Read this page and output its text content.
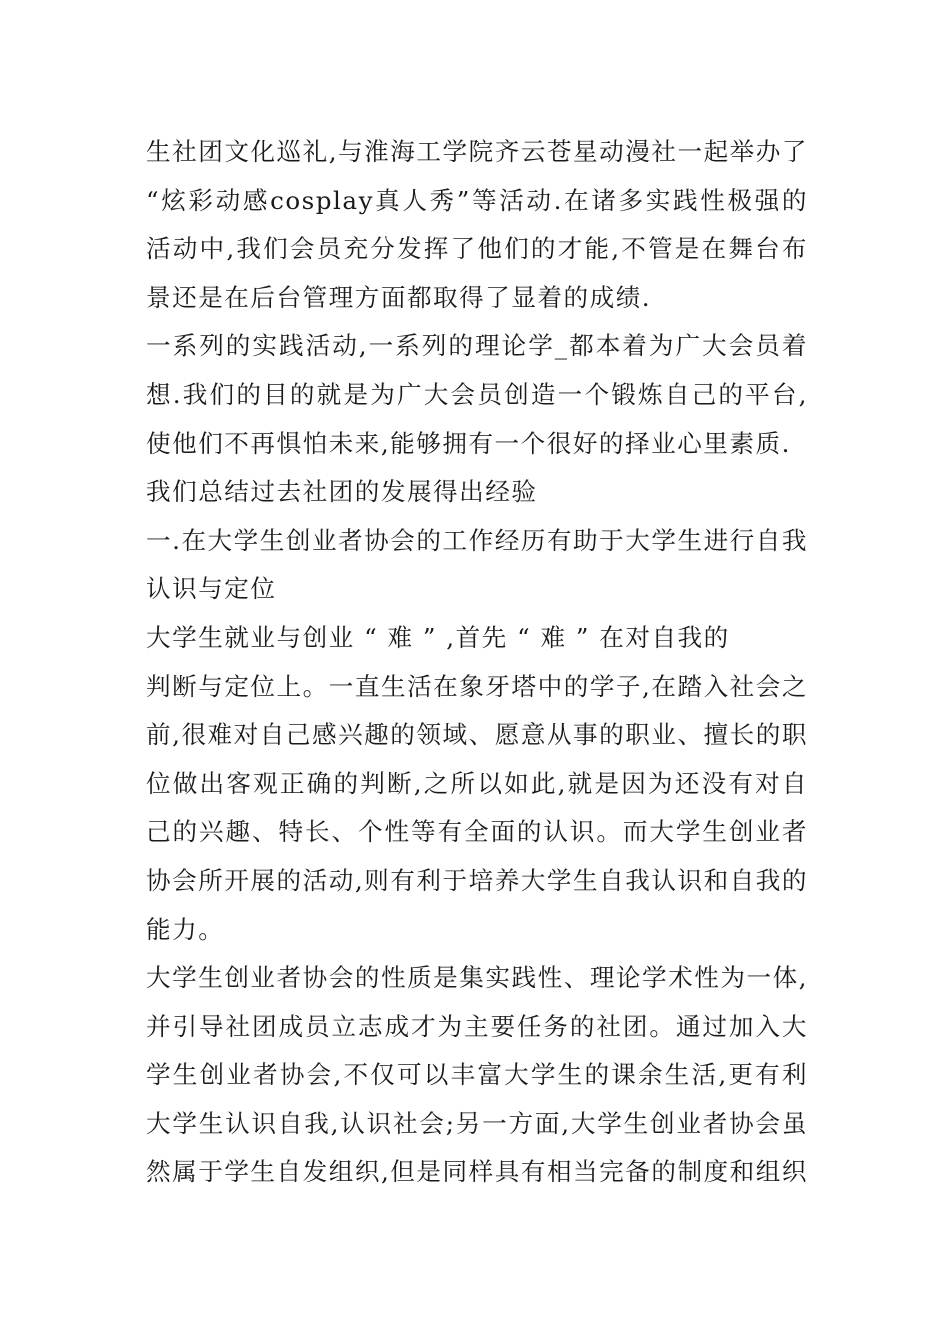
生社团文化巡礼,与淮海工学院齐云苍星动漫社一起举办了
“炫彩动感cosplay真人秀”等活动.在诸多实践性极强的
活动中,我们会员充分发挥了他们的才能,不管是在舞台布
景还是在后台管理方面都取得了显着的成绩.
一系列的实践活动,一系列的理论学_都本着为广大会员着
想.我们的目的就是为广大会员创造一个锻炼自己的平台,
使他们不再惧怕未来,能够拥有一个很好的择业心里素质.
我们总结过去社团的发展得出经验
一.在大学生创业者协会的工作经历有助于大学生进行自我
认识与定位
大学生就业与创业 “ 难 ” ,首先 “ 难 ” 在对自我的
判断与定位上。一直生活在象牙塔中的学子,在踏入社会之
前,很难对自己感兴趣的领域、愿意从事的职业、擅长的职
位做出客观正确的判断,之所以如此,就是因为还没有对自
己的兴趣、特长、个性等有全面的认识。而大学生创业者
协会所开展的活动,则有利于培养大学生自我认识和自我的
能力。
大学生创业者协会的性质是集实践性、理论学术性为一体,
并引导社团成员立志成才为主要任务的社团。通过加入大
学生创业者协会,不仅可以丰富大学生的课余生活,更有利
大学生认识自我,认识社会;另一方面,大学生创业者协会虽
然属于学生自发组织,但是同样具有相当完备的制度和组织
